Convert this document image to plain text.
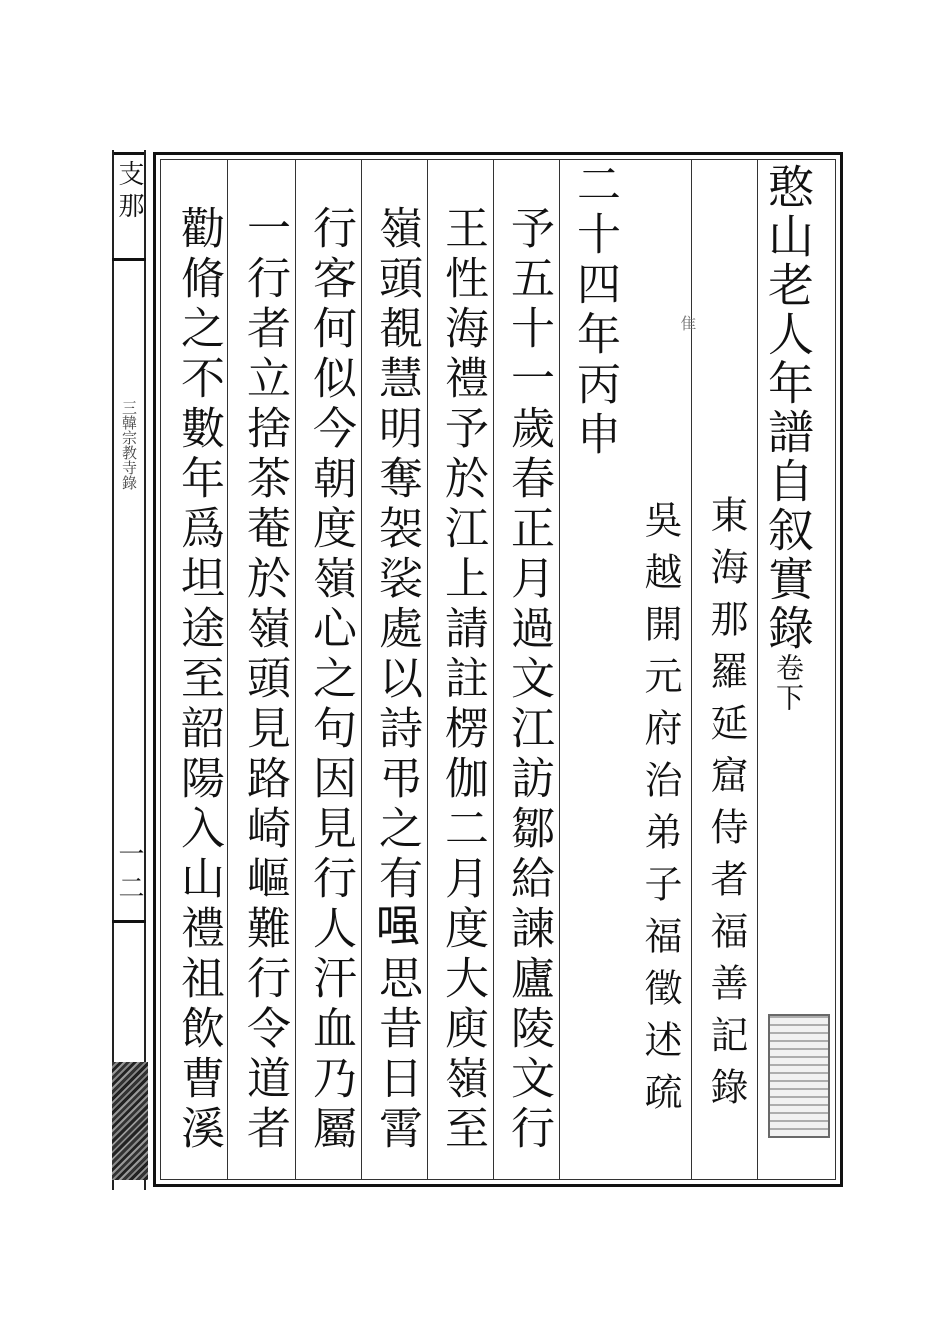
支那
三韓宗教寺錄
一二
憨山老人年譜自叙實錄卷下
東海那羅延窟侍者福善記錄
吳越開元府治弟子福徵述疏
隹
二十四年丙申
予五十一歲春正月過文江訪鄒給諫廬陵文行
王性海禮予於江上請註楞伽二月度大庾嶺至
嶺頭覩慧明奪袈裟處以詩弔之有𠷣思昔日霄
行客何似今朝度嶺心之句因見行人汗血乃屬
一行者立捨茶菴於嶺頭見路崎嶇難行令道者
勸脩之不數年爲坦途至韶陽入山禮祖飲曹溪
